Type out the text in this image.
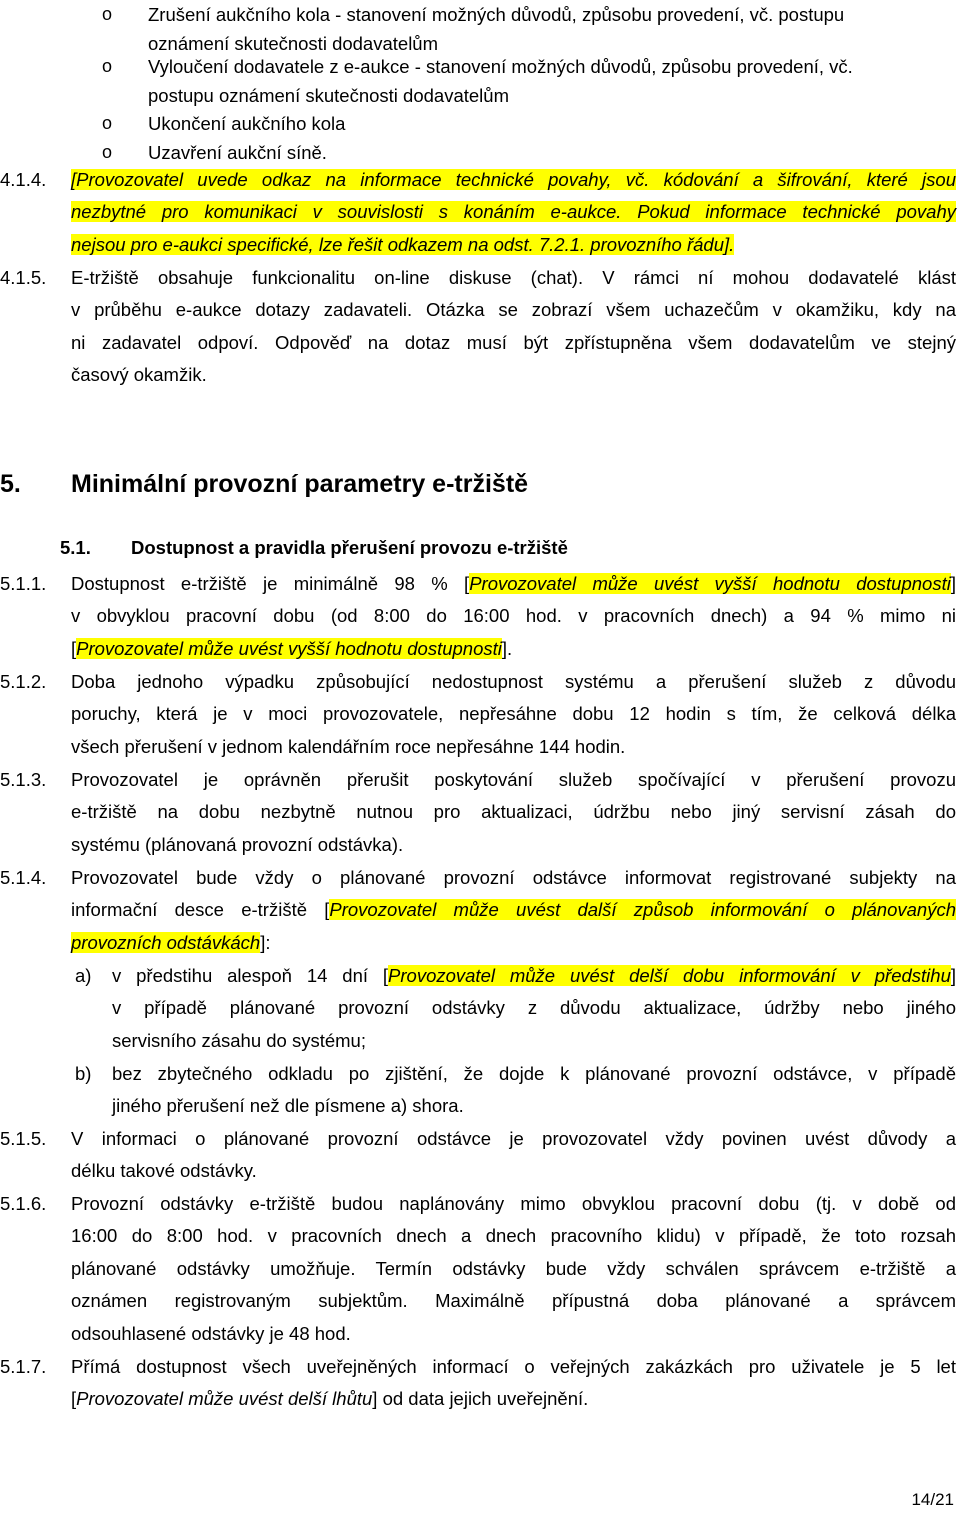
o Zrušení aukčního kola - stanovení možných důvodů, způsobu provedení, vč. postupu
oznámení skutečnosti dodavatelům
o Vyloučení dodavatele z e-aukce - stanovení možných důvodů, způsobu provedení, vč.
postupu oznámení skutečnosti dodavatelům
o Ukončení aukčního kola
o Uzavření aukční síně.
4.1.4. [Provozovatel uvede odkaz na informace technické povahy, vč. kódování a šifrování, které jsou
nezbytné pro komunikaci v souvislosti s konáním e-aukce. Pokud informace technické povahy
nejsou pro e-aukci specifické, lze řešit odkazem na odst. 7.2.1. provozního řádu].
4.1.5. E-tržiště obsahuje funkcionalitu on-line diskuse (chat). V rámci ní mohou dodavatelé klást
v průběhu e-aukce dotazy zadavateli. Otázka se zobrazí všem uchazečům v okamžiku, kdy na
ni zadavatel odpoví. Odpověď na dotaz musí být zpřístupněna všem dodavatelům ve stejný
časový okamžik.
5. Minimální provozní parametry e-tržiště
5.1. Dostupnost a pravidla přerušení provozu e-tržiště
5.1.1. Dostupnost e-tržiště je minimálně 98 % [Provozovatel může uvést vyšší hodnotu dostupnosti]
v obvyklou pracovní dobu (od 8:00 do 16:00 hod. v pracovních dnech) a 94 % mimo ni
[Provozovatel může uvést vyšší hodnotu dostupnosti].
5.1.2. Doba jednoho výpadku způsobující nedostupnost systému a přerušení služeb z důvodu
poruchy, která je v moci provozovatele, nepřesáhne dobu 12 hodin s tím, že celková délka
všech přerušení v jednom kalendářním roce nepřesáhne 144 hodin.
5.1.3. Provozovatel je oprávněn přerušit poskytování služeb spočívající v přerušení provozu
e-tržiště na dobu nezbytně nutnou pro aktualizaci, údržbu nebo jiný servisní zásah do
systému (plánovaná provozní odstávka).
5.1.4. Provozovatel bude vždy o plánované provozní odstávce informovat registrované subjekty na
informační desce e-tržiště [Provozovatel může uvést další způsob informování o plánovaných
provozních odstávkách]:
a) v předstihu alespoň 14 dní [Provozovatel může uvést delší dobu informování v předstihu]
v případě plánované provozní odstávky z důvodu aktualizace, údržby nebo jiného
servisního zásahu do systému;
b) bez zbytečného odkladu po zjištění, že dojde k plánované provozní odstávce, v případě
jiného přerušení než dle písmene a) shora.
5.1.5. V informaci o plánované provozní odstávce je provozovatel vždy povinen uvést důvody a
délku takové odstávky.
5.1.6. Provozní odstávky e-tržiště budou naplánovány mimo obvyklou pracovní dobu (tj. v době od
16:00 do 8:00 hod. v pracovních dnech a dnech pracovního klidu) v případě, že toto rozsah
plánované odstávky umožňuje. Termín odstávky bude vždy schválen správcem e-tržiště a
oznámen registrovaným subjektům. Maximálně přípustná doba plánované a správcem
odsouhlasené odstávky je 48 hod.
5.1.7. Přímá dostupnost všech uveřejněných informací o veřejných zakázkách pro uživatele je 5 let
[Provozovatel může uvést delší lhůtu] od data jejich uveřejnění.
14/21
